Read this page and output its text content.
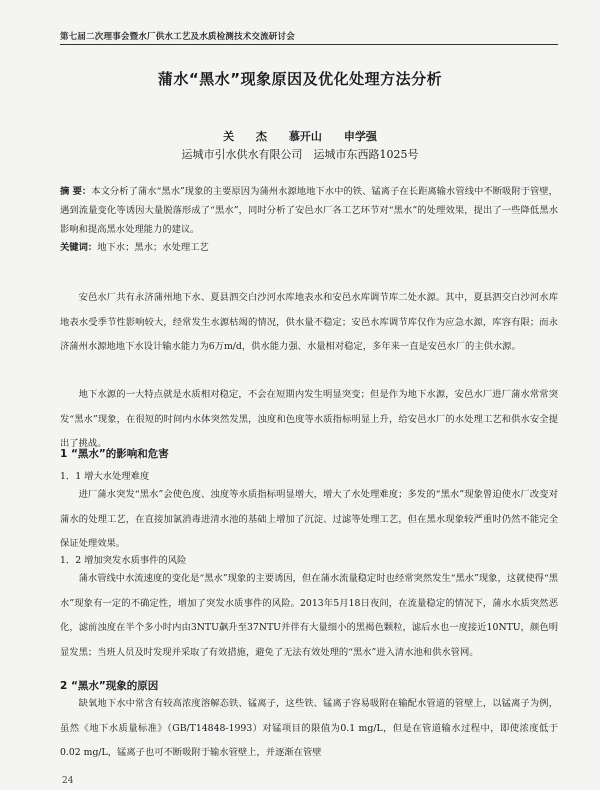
第七届二次理事会暨水厂供水工艺及水质检测技术交流研讨会
蒲水“黑水”现象原因及优化处理方法分析
关 杰　　慕开山　　申学强
运城市引水供水有限公司　运城市东西路1025号
摘 要：本文分析了蒲水“黑水”现象的主要原因为蒲州水源地地下水中的铁、锰离子在长距离输水管线中不断吸附于管壁，遇到流量变化等诱因大量脱落形成了“黑水”，同时分析了安邑水厂各工艺环节对“黑水”的处理效果，提出了一些降低黑水影响和提高黑水处理能力的建议。
关键词：地下水；黑水；水处理工艺
安邑水厂共有永济蒲州地下水、夏县泗交白沙河水库地表水和安邑水库调节库二处水源。其中，夏县泗交白沙河水库地表水受季节性影响较大，经常发生水源枯竭的情况，供水量不稳定；安邑水库调节库仅作为应急水源，库容有限；而永济蒲州水源地地下水设计输水能力为6万m/d，供水能力强、水量相对稳定，多年来一直是安邑水厂的主供水源。
地下水源的一大特点就是水质相对稳定，不会在短期内发生明显突变；但是作为地下水源，安邑水厂进厂蒲水常常突发“黑水”现象，在很短的时间内水体突然发黑，浊度和色度等水质指标明显上升，给安邑水厂的水处理工艺和供水安全提出了挑战。
1 “黑水”的影响和危害
1．1 增大水处理难度
进厂蒲水突发“黑水”会使色度、浊度等水质指标明显增大，增大了水处理难度；多发的“黑水”现象曾迫使水厂改变对蒲水的处理工艺，在直接加氯消毒进清水池的基础上增加了沉淀、过滤等处理工艺，但在黑水现象较严重时仍然不能完全保证处理效果。
1．2 增加突发水质事件的风险
蒲水管线中水流速度的变化是“黑水”现象的主要诱因，但在蒲水流量稳定时也经常突然发生“黑水”现象，这就使得“黑水”现象有一定的不确定性，增加了突发水质事件的风险。2013年5月18日夜间，在流量稳定的情况下，蒲水水质突然恶化，滤前浊度在半个多小时内由3NTU飙升至37NTU并伴有大量细小的黑褐色颗粒，滤后水也一度接近10NTU，颜色明显发黑；当班人员及时发现并采取了有效措施，避免了无法有效处理的“黑水”进入清水池和供水管网。
2 “黑水”现象的原因
缺氧地下水中常含有较高浓度溶解态铁、锰离子，这些铁、锰离子容易吸附在输配水管道的管壁上，以锰离子为例，虽然《地下水质量标准》（GB/T14848-1993）对锰项目的限值为0.1 mg/L，但是在管道输水过程中，即使浓度低于0.02 mg/L，锰离子也可不断吸附于输水管壁上，并逐渐在管壁
24
